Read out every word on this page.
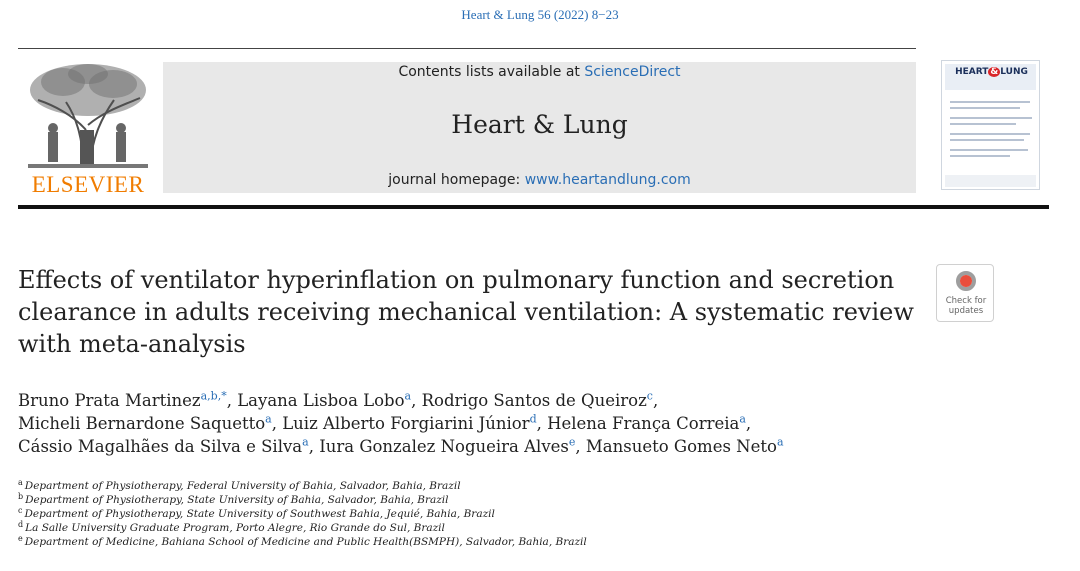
Heart & Lung 56 (2022) 8−23
ELSEVIER
Contents lists available at ScienceDirect
Heart & Lung
journal homepage: www.heartandlung.com
HEART & LUNG
Effects of ventilator hyperinflation on pulmonary function and secretion
clearance in adults receiving mechanical ventilation: A systematic review
with meta-analysis
Check for
updates
Bruno Prata Martinez$^{a,b,*}$, Layana Lisboa Lobo$^a$, Rodrigo Santos de Queiroz$^c$,
Micheli Bernardone Saquetto$^a$, Luiz Alberto Forgiarini Júnior$^d$, Helena França Correia$^a$,
Cássio Magalhães da Silva e Silva$^a$, Iura Gonzalez Nogueira Alves$^e$, Mansueto Gomes Neto$^a$
$^a$ Department of Physiotherapy, Federal University of Bahia, Salvador, Bahia, Brazil
$^b$ Department of Physiotherapy, State University of Bahia, Salvador, Bahia, Brazil
$^c$ Department of Physiotherapy, State University of Southwest Bahia, Jequié, Bahia, Brazil
$^d$ La Salle University Graduate Program, Porto Alegre, Rio Grande do Sul, Brazil
$^e$ Department of Medicine, Bahiana School of Medicine and Public Health(BSMPH), Salvador, Bahia, Brazil
